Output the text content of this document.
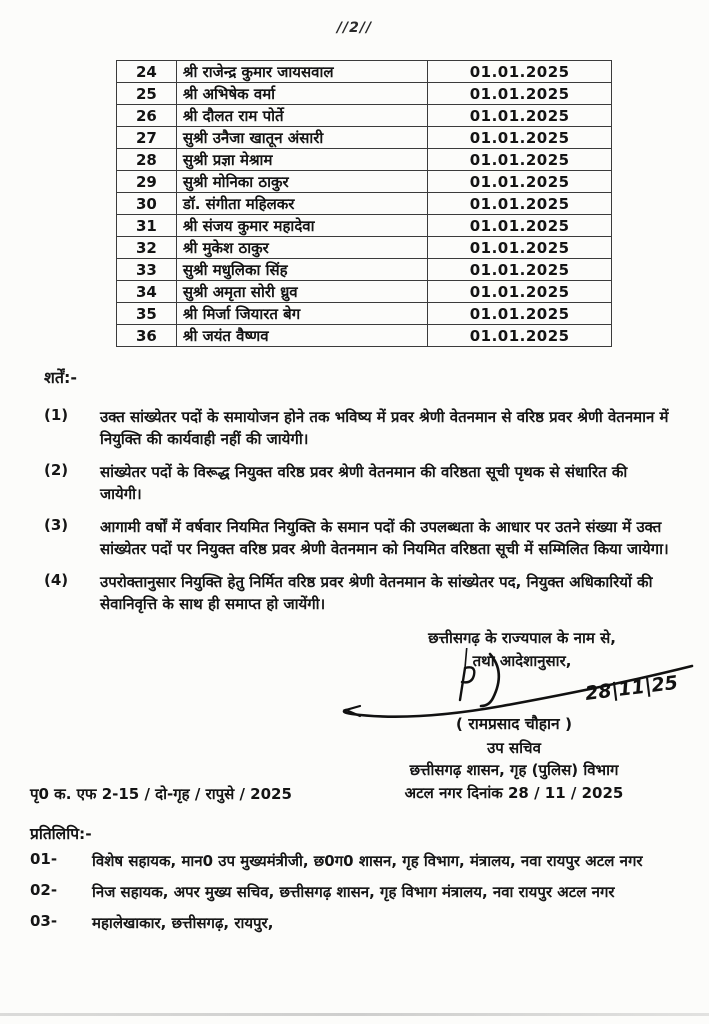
//2//
24	श्री राजेन्द्र कुमार जायसवाल	01.01.2025
25	श्री अभिषेक वर्मा	01.01.2025
26	श्री दौलत राम पोर्ते	01.01.2025
27	सुश्री उनैजा खातून अंसारी	01.01.2025
28	सुश्री प्रज्ञा मेश्राम	01.01.2025
29	सुश्री मोनिका ठाकुर	01.01.2025
30	डॉ. संगीता महिलकर	01.01.2025
31	श्री संजय कुमार महादेवा	01.01.2025
32	श्री मुकेश ठाकुर	01.01.2025
33	सुश्री मधुलिका सिंह	01.01.2025
34	सुश्री अमृता सोरी ध्रुव	01.01.2025
35	श्री मिर्जा जियारत बेग	01.01.2025
36	श्री जयंत वैष्णव	01.01.2025
शर्तें:-
(1)	उक्त सांख्येतर पदों के समायोजन होने तक भविष्य में प्रवर श्रेणी वेतनमान से वरिष्ठ प्रवर श्रेणी वेतनमान में नियुक्ति की कार्यवाही नहीं की जायेगी।
(2)	सांख्येतर पदों के विरूद्ध नियुक्त वरिष्ठ प्रवर श्रेणी वेतनमान की वरिष्ठता सूची पृथक से संधारित की जायेगी।
(3)	आगामी वर्षों में वर्षवार नियमित नियुक्ति के समान पदों की उपलब्धता के आधार पर उतने संख्या में उक्त सांख्येतर पदों पर नियुक्त वरिष्ठ प्रवर श्रेणी वेतनमान को नियमित वरिष्ठता सूची में सम्मिलित किया जायेगा।
(4)	उपरोक्तानुसार नियुक्ति हेतु निर्मित वरिष्ठ प्रवर श्रेणी वेतनमान के सांख्येतर पद, नियुक्त अधिकारियों की सेवानिवृत्ति के साथ ही समाप्त हो जायेंगी।
छत्तीसगढ़ के राज्यपाल के नाम से,
तथा आदेशानुसार,
28|11|25
( रामप्रसाद चौहान )
उप सचिव
छत्तीसगढ़ शासन, गृह (पुलिस) विभाग
अटल नगर दिनांक 28 / 11 / 2025
पृ0 क. एफ 2-15 / दो-गृह / रापुसे / 2025
प्रतिलिपि:-
01-	विशेष सहायक, मान0 उप मुख्यमंत्रीजी, छ0ग0 शासन, गृह विभाग, मंत्रालय, नवा रायपुर अटल नगर
02-	निज सहायक, अपर मुख्य सचिव, छत्तीसगढ़ शासन, गृह विभाग मंत्रालय, नवा रायपुर अटल नगर
03-	महालेखाकार, छत्तीसगढ़, रायपुर,
